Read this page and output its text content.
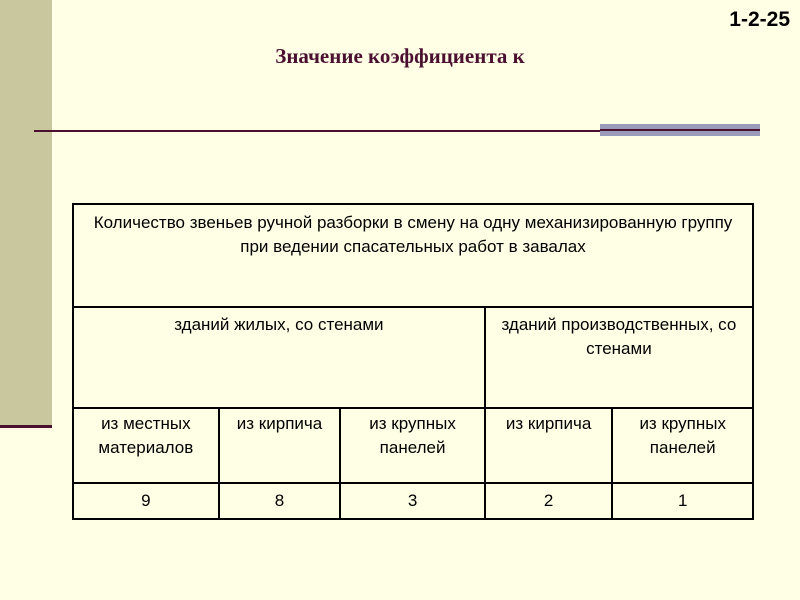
1-2-25
Значение коэффициента к
Количество звеньев ручной разборки в смену на одну механизированную группу при ведении спасательных работ в завалах				
зданий жилых, со стенами			зданий производственных, со стенами	
из местных материалов	из кирпича	из крупных панелей	из кирпича	из крупных панелей
9	8	3	2	1
